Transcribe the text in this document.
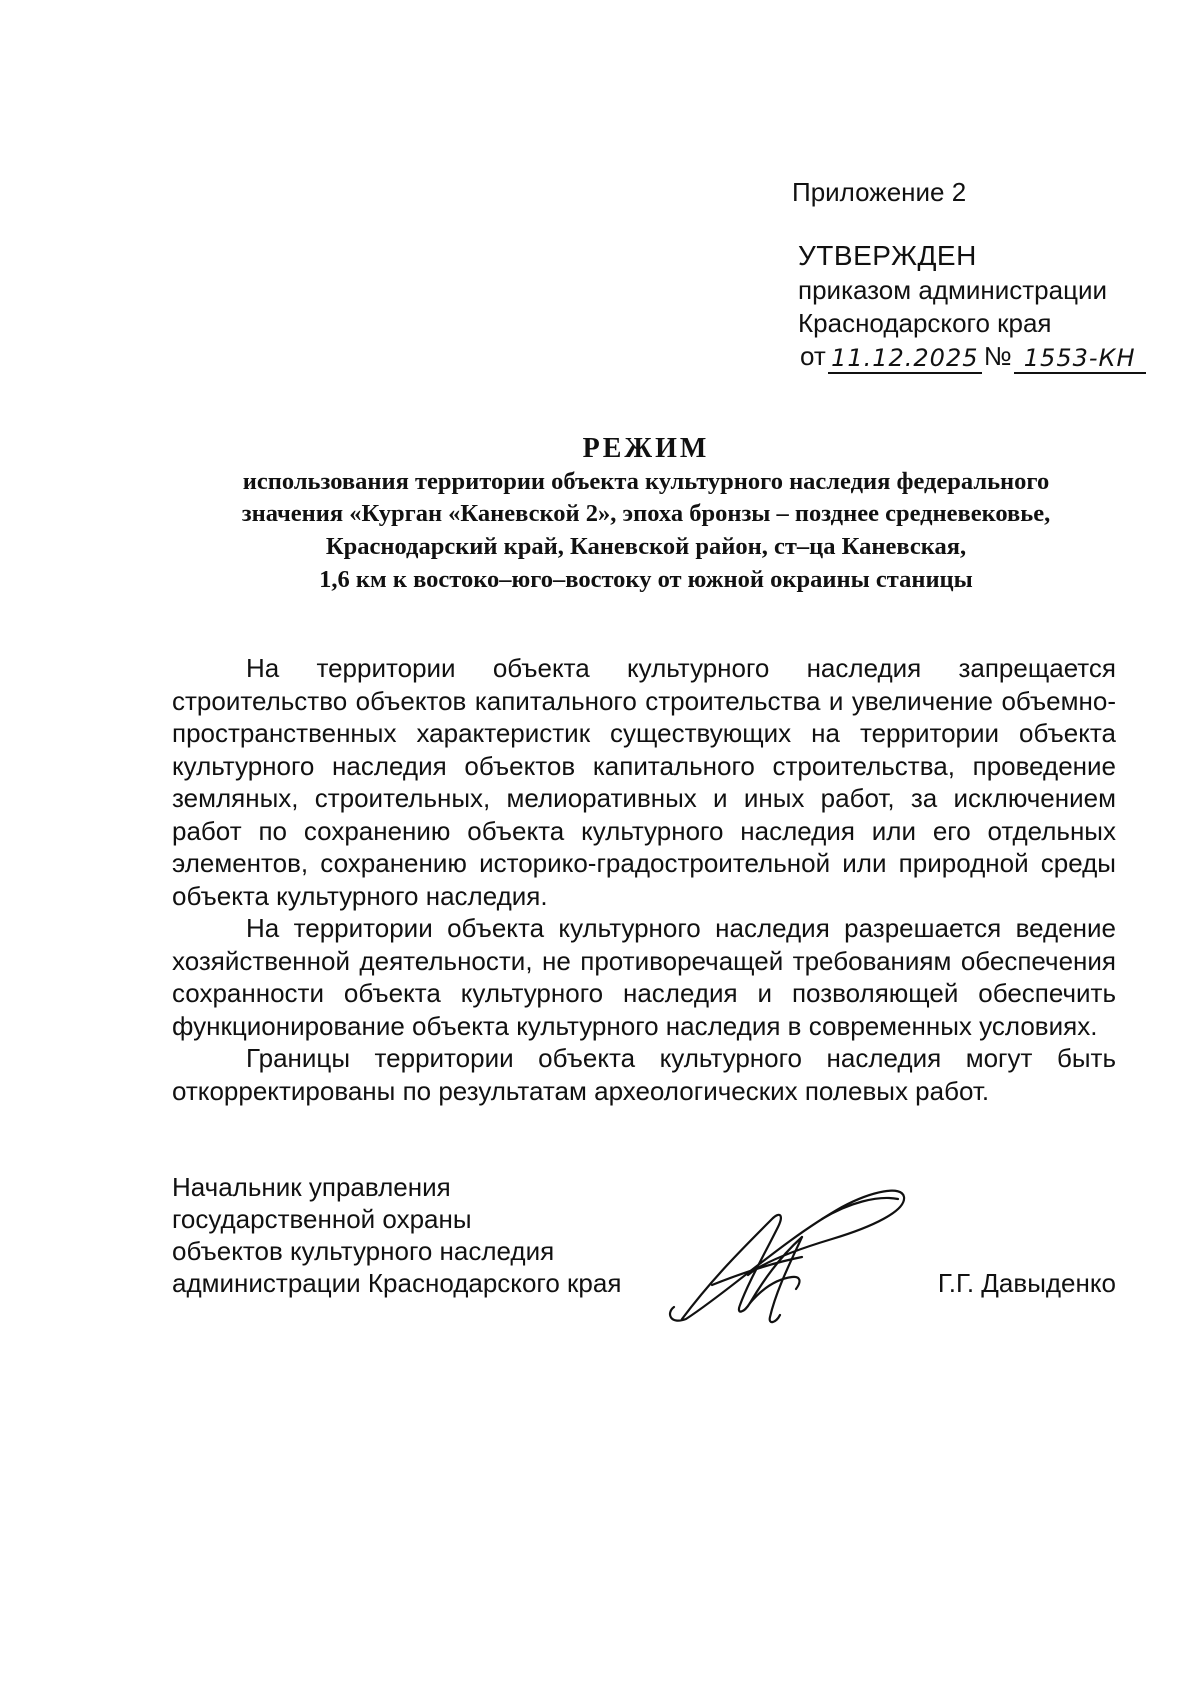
Приложение 2
УТВЕРЖДЕН
приказом администрации
Краснодарского края
от 11.12.2025 № 1553-КН
РЕЖИМ
использования территории объекта культурного наследия федерального
значения «Курган «Каневской 2», эпоха бронзы – позднее средневековье,
Краснодарский край, Каневской район, ст–ца Каневская,
1,6 км к востоко–юго–востоку от южной окраины станицы

На территории объекта культурного наследия запрещается строительство объектов капитального строительства и увеличение объемно-пространственных характеристик существующих на территории объекта культурного наследия объектов капитального строительства, проведение земляных, строительных, мелиоративных и иных работ, за исключением работ по сохранению объекта культурного наследия или его отдельных элементов, сохранению историко-градостроительной или природной среды объекта культурного наследия.

На территории объекта культурного наследия разрешается ведение хозяйственной деятельности, не противоречащей требованиям обеспечения сохранности объекта культурного наследия и позволяющей обеспечить функционирование объекта культурного наследия в современных условиях.

Границы территории объекта культурного наследия могут быть откорректированы по результатам археологических полевых работ.

Начальник управления
государственной охраны
объектов культурного наследия
администрации Краснодарского края	Г.Г. Давыденко
